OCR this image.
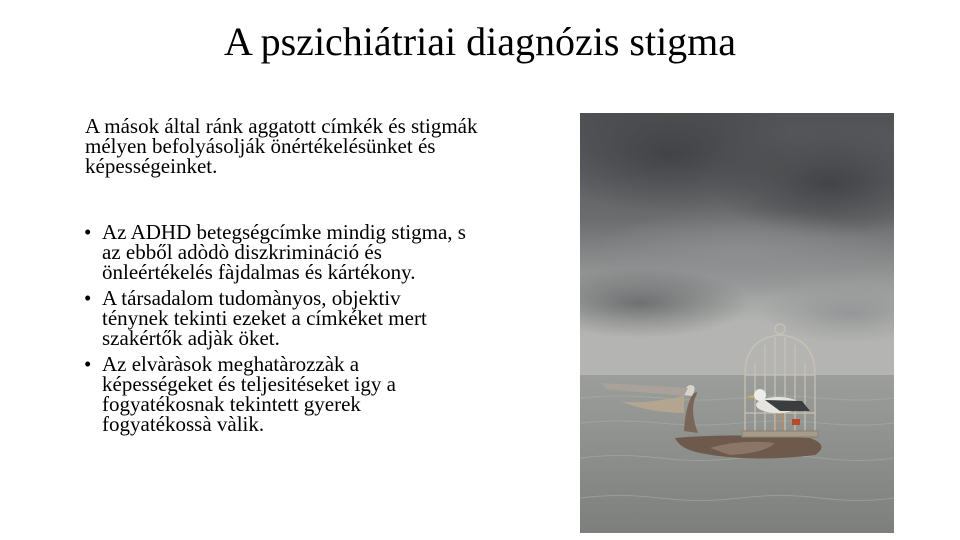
A pszichiátriai diagnózis stigma

A mások által ránk aggatott címkék és stigmák mélyen befolyásolják önértékelésünket és képességeinket.

• Az ADHD betegségcímke mindig stigma, s az ebből adòdò diszkrimináció és önleértékelés fàjdalmas és kártékony.
• A társadalom tudomànyos, objektiv ténynek tekinti ezeket a címkéket mert szakértők adjàk öket.
• Az elvàràsok meghatàrozzàk a képességeket és teljesitéseket igy a fogyatékosnak tekintett gyerek fogyatékossà vàlik.
